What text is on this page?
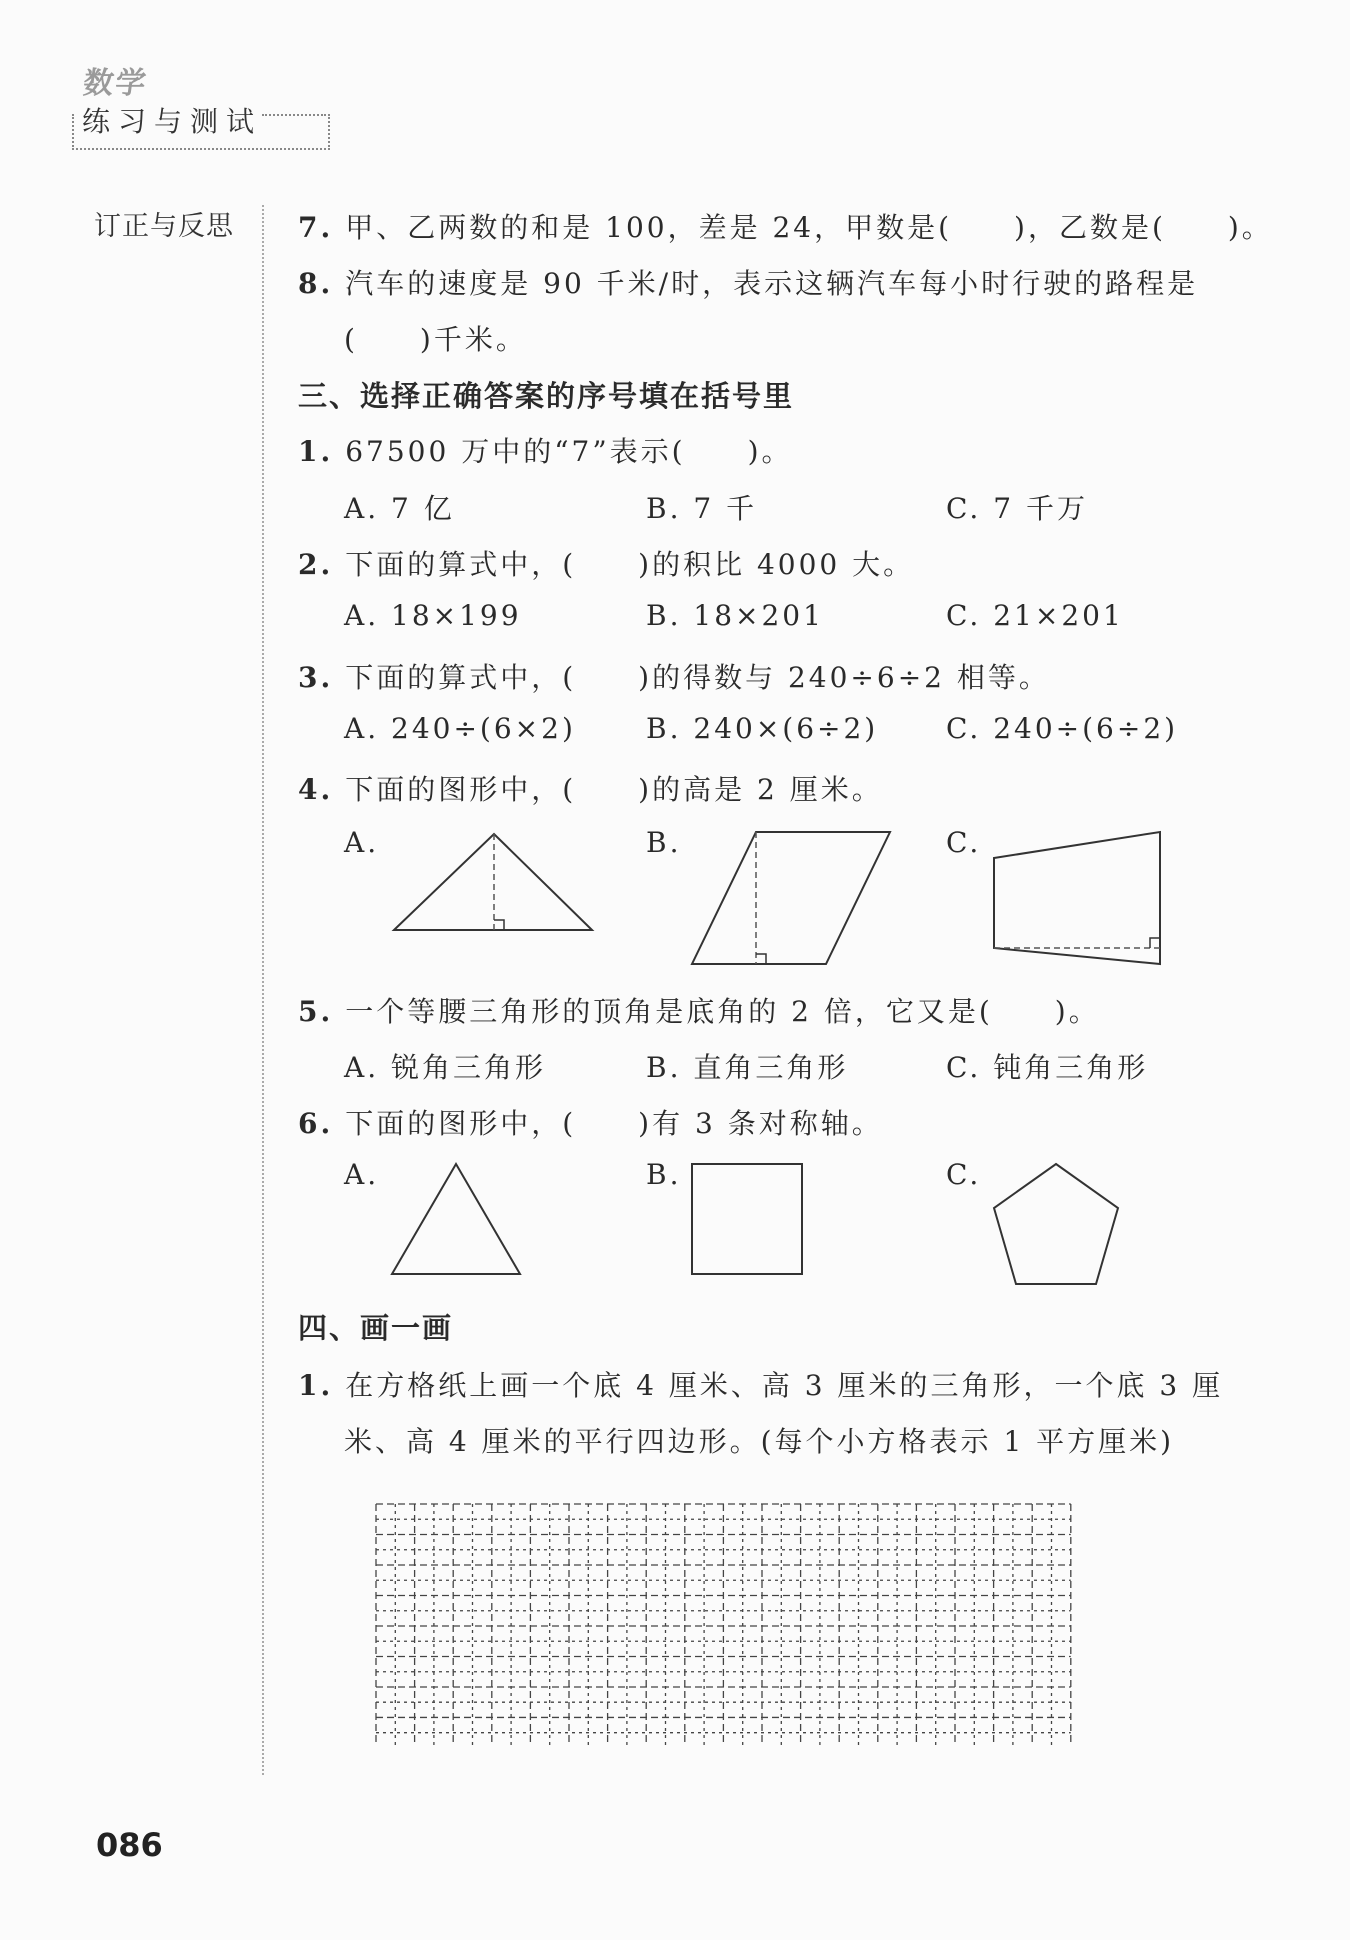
数学
练习与测试
订正与反思 7. 甲、乙两数的和是 100，差是 24，甲数是(　　)，乙数是(　　)。
8. 汽车的速度是 90 千米/时，表示这辆汽车每小时行驶的路程是
(　　)千米。
三、选择正确答案的序号填在括号里
1. 67500 万中的“7”表示(　　)。
A. 7 亿	B. 7 千	C. 7 千万
2. 下面的算式中，(　　)的积比 4000 大。
A. 18×199	B. 18×201	C. 21×201
3. 下面的算式中，(　　)的得数与 240÷6÷2 相等。
A. 240÷(6×2)	B. 240×(6÷2) C. 240÷(6÷2)
4. 下面的图形中，(　　)的高是 2 厘米。
A.	B.	C.
5. 一个等腰三角形的顶角是底角的 2 倍，它又是(　　)。
A. 锐角三角形	B. 直角三角形	C. 钝角三角形
6. 下面的图形中，(　　)有 3 条对称轴。
A.	B.	C.
四、画一画
1. 在方格纸上画一个底 4 厘米、高 3 厘米的三角形，一个底 3 厘
米、高 4 厘米的平行四边形。(每个小方格表示 1 平方厘米)
086
